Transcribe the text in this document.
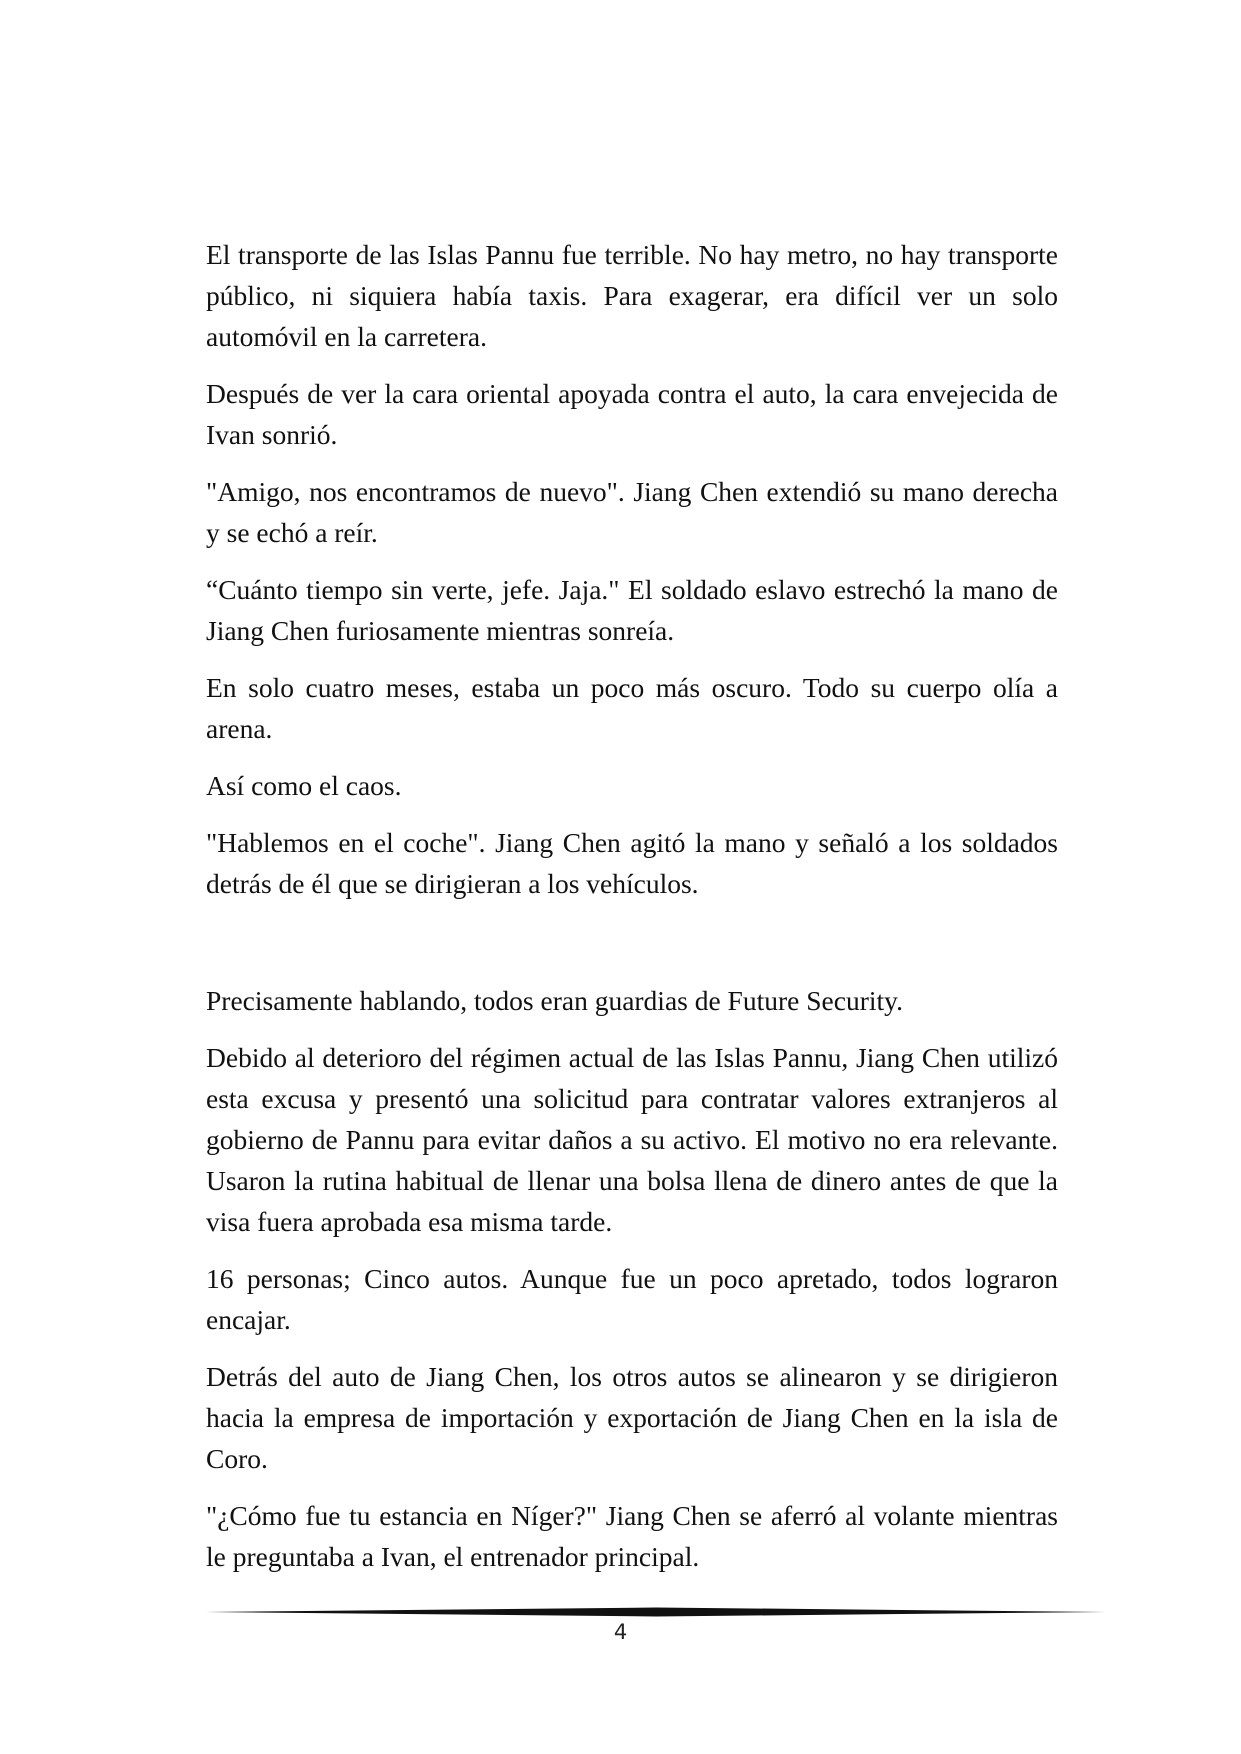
El transporte de las Islas Pannu fue terrible. No hay metro, no hay transporte público, ni siquiera había taxis. Para exagerar, era difícil ver un solo automóvil en la carretera.

Después de ver la cara oriental apoyada contra el auto, la cara envejecida de Ivan sonrió.

"Amigo, nos encontramos de nuevo". Jiang Chen extendió su mano derecha y se echó a reír.

“Cuánto tiempo sin verte, jefe. Jaja." El soldado eslavo estrechó la mano de Jiang Chen furiosamente mientras sonreía.

En solo cuatro meses, estaba un poco más oscuro. Todo su cuerpo olía a arena.

Así como el caos.

"Hablemos en el coche". Jiang Chen agitó la mano y señaló a los soldados detrás de él que se dirigieran a los vehículos.

Precisamente hablando, todos eran guardias de Future Security.

Debido al deterioro del régimen actual de las Islas Pannu, Jiang Chen utilizó esta excusa y presentó una solicitud para contratar valores extranjeros al gobierno de Pannu para evitar daños a su activo. El motivo no era relevante. Usaron la rutina habitual de llenar una bolsa llena de dinero antes de que la visa fuera aprobada esa misma tarde.

16 personas; Cinco autos. Aunque fue un poco apretado, todos lograron encajar.

Detrás del auto de Jiang Chen, los otros autos se alinearon y se dirigieron hacia la empresa de importación y exportación de Jiang Chen en la isla de Coro.

"¿Cómo fue tu estancia en Níger?" Jiang Chen se aferró al volante mientras le preguntaba a Ivan, el entrenador principal.

4
